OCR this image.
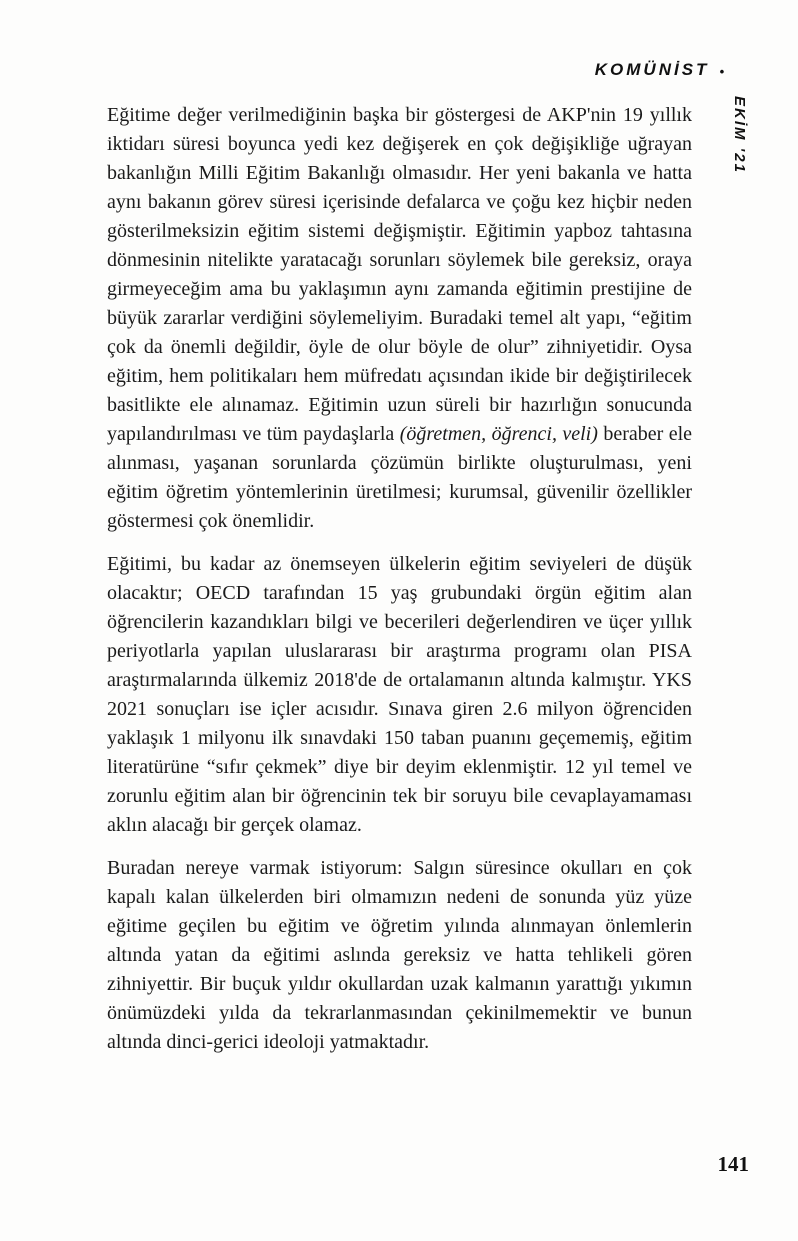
KOMÜNİST •
EKİM '21

Eğitime değer verilmediğinin başka bir göstergesi de AKP'nin 19 yıllık iktidarı süresi boyunca yedi kez değişerek en çok değişikliğe uğrayan bakanlığın Milli Eğitim Bakanlığı olmasıdır. Her yeni bakanla ve hatta aynı bakanın görev süresi içerisinde defalarca ve çoğu kez hiçbir neden gösterilmeksizin eğitim sistemi değişmiştir. Eğitimin yapboz tahtasına dönmesinin nitelikte yaratacağı sorunları söylemek bile gereksiz, oraya girmeyeceğim ama bu yaklaşımın aynı zamanda eğitimin prestijine de büyük zararlar verdiğini söylemeliyim. Buradaki temel alt yapı, “eğitim çok da önemli değildir, öyle de olur böyle de olur” zihniyetidir. Oysa eğitim, hem politikaları hem müfredatı açısından ikide bir değiştirilecek basitlikte ele alınamaz. Eğitimin uzun süreli bir hazırlığın sonucunda yapılandırılması ve tüm paydaşlarla (öğretmen, öğrenci, veli) beraber ele alınması, yaşanan sorunlarda çözümün birlikte oluşturulması, yeni eğitim öğretim yöntemlerinin üretilmesi; kurumsal, güvenilir özellikler göstermesi çok önemlidir.

Eğitimi, bu kadar az önemseyen ülkelerin eğitim seviyeleri de düşük olacaktır; OECD tarafından 15 yaş grubundaki örgün eğitim alan öğrencilerin kazandıkları bilgi ve becerileri değerlendiren ve üçer yıllık periyotlarla yapılan uluslararası bir araştırma programı olan PISA araştırmalarında ülkemiz 2018'de de ortalamanın altında kalmıştır. YKS 2021 sonuçları ise içler acısıdır. Sınava giren 2.6 milyon öğrenciden yaklaşık 1 milyonu ilk sınavdaki 150 taban puanını geçememiş, eğitim literatürüne “sıfır çekmek” diye bir deyim eklenmiştir. 12 yıl temel ve zorunlu eğitim alan bir öğrencinin tek bir soruyu bile cevaplayamaması aklın alacağı bir gerçek olamaz.

Buradan nereye varmak istiyorum: Salgın süresince okulları en çok kapalı kalan ülkelerden biri olmamızın nedeni de sonunda yüz yüze eğitime geçilen bu eğitim ve öğretim yılında alınmayan önlemlerin altında yatan da eğitimi aslında gereksiz ve hatta tehlikeli gören zihniyettir. Bir buçuk yıldır okullardan uzak kalmanın yarattığı yıkımın önümüzdeki yılda da tekrarlanmasından çekinilmemektir ve bunun altında dinci-gerici ideoloji yatmaktadır.

141
